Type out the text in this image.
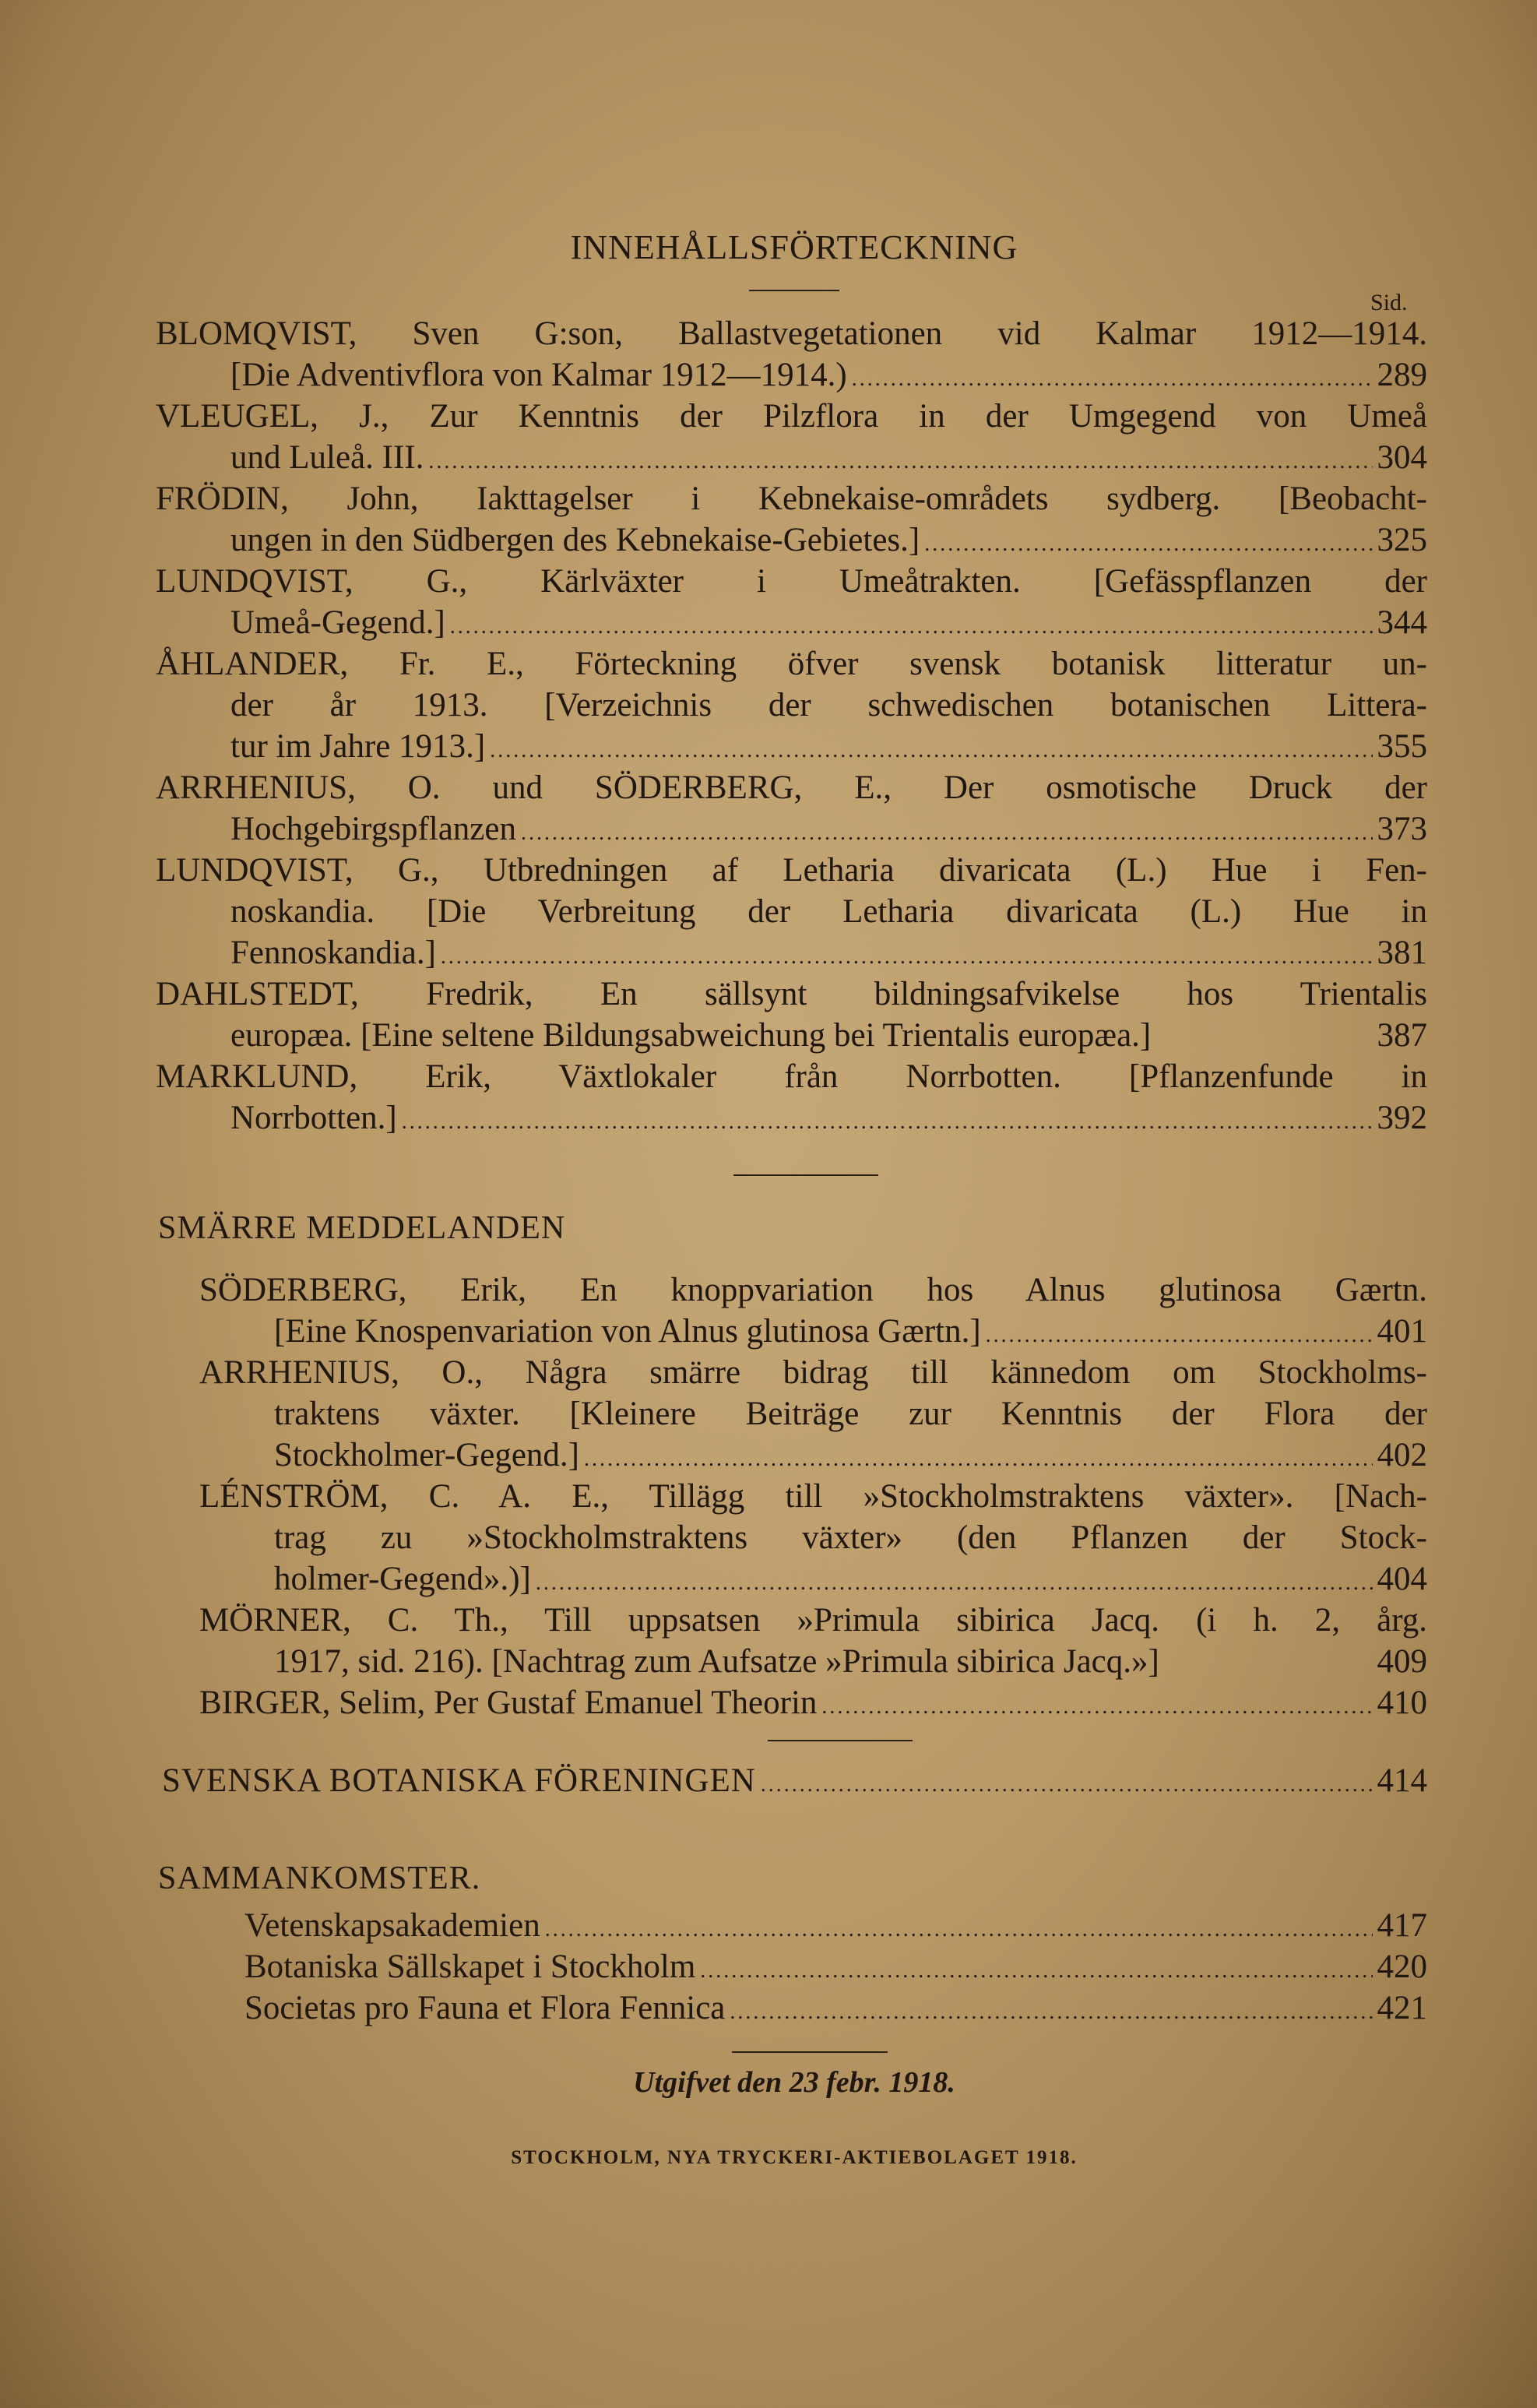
INNEHÅLLSFÖRTECKNING
Sid.
BLOMQVIST, Sven G:son, Ballastvegetationen vid Kalmar 1912—1914.
[Die Adventivflora von Kalmar 1912—1914.) .....	289
VLEUGEL, J., Zur Kenntnis der Pilzflora in der Umgegend von Umeå
und Luleå. III. .....	304
FRÖDIN, John, Iakttagelser i Kebnekaise-områdets sydberg. [Beobacht-
ungen in den Südbergen des Kebnekaise-Gebietes.] .....	325
LUNDQVIST, G., Kärlväxter i Umeåtrakten. [Gefässpflanzen der
Umeå-Gegend.] .....	344
ÅHLANDER, Fr. E., Förteckning öfver svensk botanisk litteratur un-
der år 1913. [Verzeichnis der schwedischen botanischen Littera-
tur im Jahre 1913.] .....	355
ARRHENIUS, O. und SÖDERBERG, E., Der osmotische Druck der
Hochgebirgspflanzen .....	373
LUNDQVIST, G., Utbredningen af Letharia divaricata (L.) Hue i Fen-
noskandia. [Die Verbreitung der Letharia divaricata (L.) Hue in
Fennoskandia.] .....	381
DAHLSTEDT, Fredrik, En sällsynt bildningsafvikelse hos Trientalis
europæa. [Eine seltene Bildungsabweichung bei Trientalis europæa.]	387
MARKLUND, Erik, Växtlokaler från Norrbotten. [Pflanzenfunde in
Norrbotten.] .....	392
SMÄRRE MEDDELANDEN
SÖDERBERG, Erik, En knoppvariation hos Alnus glutinosa Gærtn.
[Eine Knospenvariation von Alnus glutinosa Gærtn.] .....	401
ARRHENIUS, O., Några smärre bidrag till kännedom om Stockholms-
traktens växter. [Kleinere Beiträge zur Kenntnis der Flora der
Stockholmer-Gegend.] .....	402
LÉNSTRÖM, C. A. E., Tillägg till »Stockholmstraktens växter». [Nach-
trag zu »Stockholmstraktens växter» (den Pflanzen der Stock-
holmer-Gegend».)] .....	404
MÖRNER, C. Th., Till uppsatsen »Primula sibirica Jacq. (i h. 2, årg.
1917, sid. 216). [Nachtrag zum Aufsatze »Primula sibirica Jacq.»]	409
BIRGER, Selim, Per Gustaf Emanuel Theorin .....	410
SVENSKA BOTANISKA FÖRENINGEN .....	414
SAMMANKOMSTER.
Vetenskapsakademien .....	417
Botaniska Sällskapet i Stockholm .....	420
Societas pro Fauna et Flora Fennica .....	421
Utgifvet den 23 febr. 1918.
STOCKHOLM, NYA TRYCKERI-AKTIEBOLAGET 1918.
